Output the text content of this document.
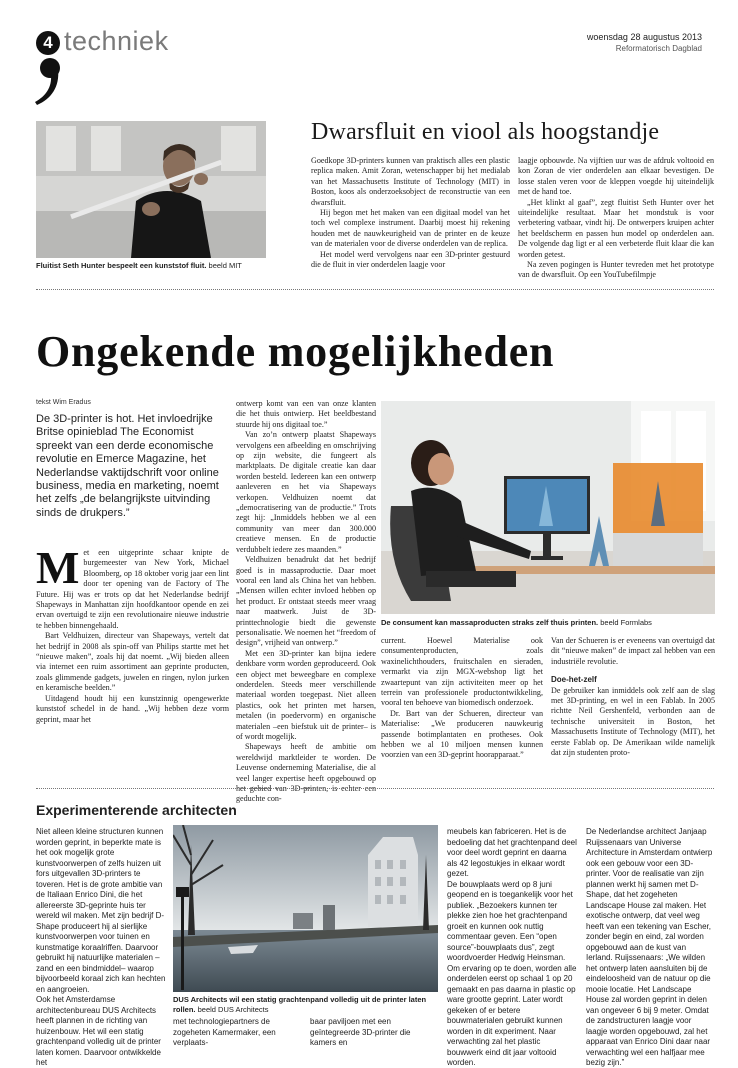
4 techniek	woensdag 28 augustus 2013
Reformatorisch Dagblad
Fluitist Seth Hunter bespeelt een kunststof fluit. beeld MIT
Dwarsfluit en viool als hoogstandje

Goedkope 3D-printers kunnen van praktisch alles een plastic replica maken. Amit Zoran, wetenschapper bij het medialab van het Massachusetts Institute of Technology (MIT) in Boston, koos als onderzoeksobject de reconstructie van een dwarsfluit.

Hij begon met het maken van een digitaal model van het toch wel complexe instrument. Daarbij moest hij rekening houden met de nauwkeurigheid van de printer en de keuze van de materialen voor de diverse onderdelen van de replica.

Het model werd vervolgens naar een 3D-printer gestuurd die de fluit in vier onderdelen laagje voor

laagje opbouwde. Na vijftien uur was de afdruk voltooid en kon Zoran de vier onderdelen aan elkaar bevestigen. De losse stalen veren voor de kleppen voegde hij uiteindelijk met de hand toe.

„Het klinkt al gaaf”, zegt fluitist Seth Hunter over het uiteindelijke resultaat. Maar het mondstuk is voor verbetering vatbaar, vindt hij. De ontwerpers kruipen achter het beeldscherm en passen hun model op onderdelen aan. De volgende dag ligt er al een verbeterde fluit klaar die kan worden getest.

Na zeven pogingen is Hunter tevreden met het prototype van de dwarsfluit. Op een YouTubefilmpje

Ongekende mogelijkheden
tekst Wim Eradus
De 3D-printer is hot. Het invloedrijke Britse opinieblad The Economist spreekt van een derde economische revolutie en Emerce Magazine, het Nederlandse vaktijdschrift voor online business, media en marketing, noemt het zelfs „de belangrijkste uitvinding sinds de drukpers.”

Met een uitgeprinte schaar knipte de burgemeester van New York, Michael Bloomberg, op 18 oktober vorig jaar een lint door ter opening van de Factory of The Future. Hij was er trots op dat het Nederlandse bedrijf Shapeways in Manhattan zijn hoofdkantoor opende en zei ervan overtuigd te zijn een revolutionaire nieuwe industrie te hebben binnengehaald.

Bart Veldhuizen, directeur van Shapeways, vertelt dat het bedrijf in 2008 als spin-off van Philips startte met het “nieuwe maken”, zoals hij dat noemt. „Wij bieden alleen via internet een ruim assortiment aan geprinte producten, zoals glimmende gadgets, juwelen en ringen, nylon jurken en keramische beelden.”

Uitdagend houdt hij een kunstzinnig opengewerkte kunststof schedel in de hand. „Wij hebben deze vorm geprint, maar het

ontwerp komt van een van onze klanten die het thuis ontwierp. Het beeldbestand stuurde hij ons digitaal toe.”

Van zo’n ontwerp plaatst Shapeways vervolgens een afbeelding en omschrijving op zijn website, die fungeert als marktplaats. De digitale creatie kan daar worden besteld. Iedereen kan een ontwerp aanleveren en het via Shapeways verkopen. Veldhuizen noemt dat „democratisering van de productie.” Trots zegt hij: „Inmiddels hebben we al een community van meer dan 300.000 creatieve mensen. En de productie verdubbelt iedere zes maanden.”

Veldhuizen benadrukt dat het bedrijf goed is in massaproductie. Daar moet vooral een land als China het van hebben. „Mensen willen echter invloed hebben op het product. Er ontstaat steeds meer vraag naar maatwerk. Juist de 3D-printtechnologie biedt die gewenste personalisatie. We noemen het “freedom of design”, vrijheid van ontwerp.”

Met een 3D-printer kan bijna iedere denkbare vorm worden geproduceerd. Ook een object met beweegbare en complexe onderdelen. Steeds meer verschillende materiaal worden toegepast. Niet alleen plastics, ook het printen met harsen, metalen (in poedervorm) en organische materialen –een biefstuk uit de printer– is of wordt mogelijk.

Shapeways heeft de ambitie om wereldwijd marktleider te worden. De Leuvense onderneming Materialise, die al veel langer expertise heeft opgebouwd op het gebied van 3D-printen, is echter een geduchte con-

De consument kan massaproducten straks zelf thuis printen. beeld Formlabs

current. Hoewel Materialise ook consumentenproducten, zoals waxinelichthouders, fruitschalen en sieraden, vermarkt via zijn MGX-webshop ligt het zwaartepunt van zijn activiteiten meer op het terrein van professionele productontwikkeling, vooral ten behoeve van biomedisch onderzoek.

Dr. Bart van der Schueren, directeur van Materialise: „We produceren nauwkeurig passende botimplantaten en protheses. Ook hebben we al 10 miljoen mensen kunnen voorzien van een 3D-geprint hoorapparaat.”

Van der Schueren is er eveneens van overtuigd dat dit “nieuwe maken” de impact zal hebben van een industriële revolutie.

Doe-het-zelf

De gebruiker kan inmiddels ook zelf aan de slag met 3D-printing, en wel in een Fablab. In 2005 richtte Neil Gershenfeld, verbonden aan de technische universiteit in Boston, het Massachusetts Institute of Technology (MIT), het eerste Fablab op. De Amerikaan wilde namelijk dat zijn studenten proto-

Experimenterende architecten

Niet alleen kleine structuren kunnen worden geprint, in beperkte mate is het ook mogelijk grote kunstvoorwerpen of zelfs huizen uit fors uitgevallen 3D-printers te toveren. Het is de grote ambitie van de Italiaan Enrico Dini, die het allereerste 3D-geprinte huis ter wereld wil maken. Met zijn bedrijf D-Shape produceert hij al sierlijke kunstvoorwerpen voor tuinen en kunstmatige koraalriffen. Daarvoor gebruikt hij natuurlijke materialen –zand en een bindmiddel– waarop bijvoorbeeld koraal zich kan hechten en aangroeien.

Ook het Amsterdamse architectenbureau DUS Architects heeft plannen in de richting van huizenbouw. Het wil een statig grachtenpand volledig uit de printer laten komen. Daarvoor ontwikkelde het

DUS Architects wil een statig grachtenpand volledig uit de printer laten rollen. beeld DUS Architects

met technologiepartners de zogeheten Kamermaker, een verplaats-

baar paviljoen met een geïntegreerde 3D-printer die kamers en

meubels kan fabriceren. Het is de bedoeling dat het grachtenpand deel voor deel wordt geprint en daarna als 42 legostukjes in elkaar wordt gezet.

De bouwplaats werd op 8 juni geopend en is toegankelijk voor het publiek. „Bezoekers kunnen ter plekke zien hoe het grachtenpand groeit en kunnen ook nuttig commentaar geven. Een “open source”-bouwplaats dus”, zegt woordvoerder Hedwig Heinsman. Om ervaring op te doen, worden alle onderdelen eerst op schaal 1 op 20 gemaakt en pas daarna in plastic op ware grootte geprint. Later wordt gekeken of er betere bouwmaterialen gebruikt kunnen worden in dit experiment. Naar verwachting zal het plastic bouwwerk eind dit jaar voltooid worden.

De Nederlandse architect Janjaap Ruijssenaars van Universe Architecture in Amsterdam ontwierp ook een gebouw voor een 3D-printer. Voor de realisatie van zijn plannen werkt hij samen met D-Shape, dat het zogeheten Landscape House zal maken. Het exotische ontwerp, dat veel weg heeft van een tekening van Escher, zonder begin en eind, zal worden opgebouwd aan de kust van Ierland. Ruijssenaars: „We wilden het ontwerp laten aansluiten bij de eindeloosheid van de natuur op die mooie locatie. Het Landscape House zal worden geprint in delen van ongeveer 6 bij 9 meter. Omdat de zandstructuren laagje voor laagje worden opgebouwd, zal het apparaat van Enrico Dini daar naar verwachting wel een halfjaar mee bezig zijn.”
